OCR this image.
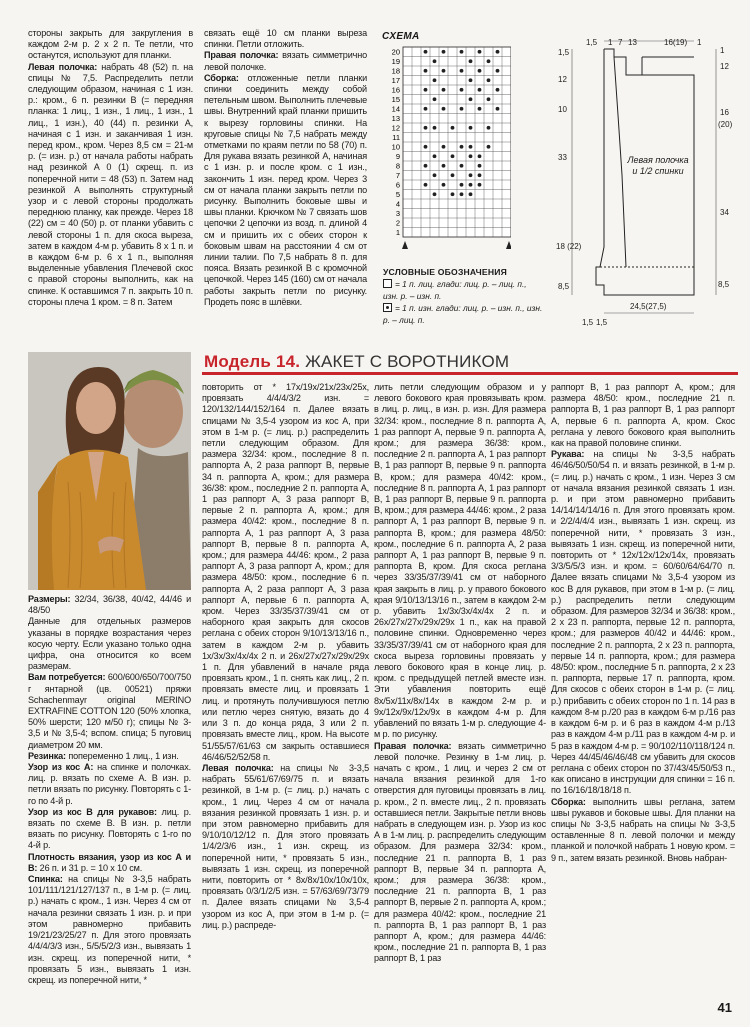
стороны закрыть для закругления в каждом 2-м р. 2 х 2 п. Те петли, что останутся, используют для планки.

Левая полочка: набрать 48 (52) п. на спицы № 7,5. Распределить петли следующим образом, начиная с 1 изн. р.: кром., 6 п. резинки В (= передняя планка: 1 лиц., 1 изн., 1 лиц., 1 изн., 1 лиц., 1 изн.), 40 (44) п. резинки А, начиная с 1 изн. и заканчивая 1 изн. перед кром., кром. Через 8,5 см = 21-м р. (= изн. р.) от начала работы набрать над резинкой А 0 (1) скрещ. п. из поперечной нити = 48 (53) п. Затем над резинкой А выполнять структурный узор и с левой стороны продолжать переднюю планку, как прежде. Через 18 (22) см = 40 (50) р. от планки убавить с левой стороны 1 п. для скоса выреза, затем в каждом 4-м р. убавить 8 х 1 п. и в каждом 6-м р. 6 х 1 п., выполняя выделенные убавления Плечевой скос с правой стороны выполнить, как на спинке. К оставшимся 7 п. закрыть 10 п. стороны плеча 1 кром. = 8 п. Затем

связать ещё 10 см планки выреза спинки. Петли отложить.

Правая полочка: вязать симметрично левой полочке.

Сборка: отложенные петли планки спинки соединить между собой петельным швом. Выполнить плечевые швы. Внутренний край планки пришить к вырезу горловины спинки. На круговые спицы № 7,5 набрать между отметками по краям петли по 58 (70) п. Для рукава вязать резинкой А, начиная с 1 изн. р. и после кром. с 1 изн., закончить 1 изн. перед кром. Через 3 см от начала планки закрыть петли по рисунку. Выполнить боковые швы и швы планки. Крючком № 7 связать шов цепочки 2 цепочки из возд. п. длиной 4 см и пришить их с обеих сторон к боковым швам на расстоянии 4 см от линии талии. По 7,5 набрать 8 п. для пояса. Вязать резинкой В с кромочной цепочкой. Через 145 (160) см от начала работы закрыть петли по рисунку. Продеть пояс в шлёвки.

СХЕМА
20
19
18
17
16
15
14
13
12
11
10
9
8
7
6
5
4
3
2
1
УСЛОВНЫЕ ОБОЗНАЧЕНИЯ
= 1 п. лиц. глади: лиц. р. – лиц. п., изн. р. – изн. п.
= 1 п. изн. глади: лиц. р. – изн. п., изн. р. – лиц. п.
1,5 1 7 13	16(19) 1
1,5
12
10
33
18 (22)
8,5
16
(20)
34
8,5
12
1
1,5 1,5
24,5(27,5)
Левая полочка и 1/2 спинки
Модель 14. ЖАКЕТ С ВОРОТНИКОМ

Размеры: 32/34, 36/38, 40/42, 44/46 и 48/50

Данные для отдельных размеров указаны в порядке возрастания через косую черту. Если указано только одна цифра, она относится ко всем размерам.

Вам потребуется: 600/600/650/700/750 г янтарной (цв. 00521) пряжи Schachenmayr original MERINO EXTRAFINE COTTON 120 (50% хлопка, 50% шерсти; 120 м/50 г); спицы № 3-3,5 и № 3,5-4; вспом. спица; 5 пуговиц диаметром 20 мм.

Резинка: попеременно 1 лиц., 1 изн.

Узор из кос А: на спинке и полочках. лиц. р. вязать по схеме А. В изн. р. петли вязать по рисунку. Повторять с 1-го по 4-й р.

Узор из кос В для рукавов: лиц. р. вязать по схеме В. В изн. р. петли вязать по рисунку. Повторять с 1-го по 4-й р.

Плотность вязания, узор из кос А и В: 26 п. и 31 р. = 10 х 10 см.

Спинка: на спицы № 3-3,5 набрать 101/111/121/127/137 п., в 1-м р. (= лиц. р.) начать с кром., 1 изн. Через 4 см от начала резинки связать 1 изн. р. и при этом равномерно прибавить 19/21/23/25/27 п. Для этого провязать 4/4/4/3/3 изн., 5/5/5/2/3 изн., вывязать 1 изн. скрещ. из поперечной нити, * провязать 5 изн., вывязать 1 изн. скрещ. из поперечной нити, *

повторить от * 17х/19х/21х/23х/25х, провязать 4/4/4/3/2 изн. = 120/132/144/152/164 п. Далее вязать спицами № 3,5-4 узором из кос А, при этом в 1-м р. (= лиц. р.) распределить петли следующим образом. Для размера 32/34: кром., последние 8 п. раппорта А, 2 раза раппорт В, первые 34 п. раппорта А, кром.; для размера 36/38: кром., последние 2 п. раппорта А, 1 раз раппорт А, 3 раза раппорт В, первые 2 п. раппорта А, кром.; для размера 40/42: кром., последние 8 п. раппорта А, 1 раз раппорт А, 3 раза раппорт В, первые 8 п. раппорта А, кром.; для размера 44/46: кром., 2 раза раппорт А, 3 раза раппорт А, кром.; для размера 48/50: кром., последние 6 п. раппорта А, 2 раза раппорт А, 3 раза раппорт А, первые 6 п. раппорта А, кром. Через 33/35/37/39/41 см от наборного края закрыть для скосов реглана с обеих сторон 9/10/13/13/16 п., затем в каждом 2-м р. убавить 1х/3х/3х/4х/4х 2 п. и 26х/27х/27х/29х/29х 1 п. Для убавлений в начале ряда провязать кром., 1 п. снять как лиц., 2 п. провязать вместе лиц. и провязать 1 лиц. и протянуть получившуюся петлю или петлю через снятую, вязать до 4 или 3 п. до конца ряда, 3 или 2 п. провязать вместе лиц., кром. На высоте 51/55/57/61/63 см закрыть оставшиеся 46/46/52/52/58 п.

Левая полочка: на спицы № 3-3,5 набрать 55/61/67/69/75 п. и вязать резинкой, в 1-м р. (= лиц. р.) начать с кром., 1 лиц. Через 4 см от начала вязания резинкой провязать 1 изн. р. и при этом равномерно прибавить для 9/10/10/12/12 п. Для этого провязать 1/4/2/3/6 изн., 1 изн. скрещ. из поперечной нити, * провязать 5 изн., вывязать 1 изн. скрещ. из поперечной нити, повторить от * 8х/8х/10х/10х/10х, провязать 0/3/1/2/5 изн. = 57/63/69/73/79 п. Далее вязать спицами № 3,5-4 узором из кос А, при этом в 1-м р. (= лиц. р.) распреде-

лить петли следующим образом и у левого бокового края провязывать кром. в лиц. р. лиц., в изн. р. изн. Для размера 32/34: кром., последние 8 п. раппорта А, 1 раз раппорт А, первые 9 п. раппорта А, кром.; для размера 36/38: кром., последние 2 п. раппорта А, 1 раз раппорт В, 1 раз раппорт В, первые 9 п. раппорта В, кром.; для размера 40/42: кром., последние 8 п. раппорта А, 1 раз раппорт В, 1 раз раппорт В, первые 9 п. раппорта В, кром.; для размера 44/46: кром., 2 раза раппорт А, 1 раз раппорт В, первые 9 п. раппорта В, кром.; для размера 48/50: кром., последние 6 п. раппорта А, 2 раза раппорт А, 1 раз раппорт В, первые 9 п. раппорта В, кром. Для скоса реглана через 33/35/37/39/41 см от наборного края закрыть в лиц. р. у правого бокового края 9/10/13/13/16 п., затем в каждом 2-м р. убавить 1х/3х/3х/4х/4х 2 п. и 26х/27х/27х/29х/29х 1 п., как на правой половине спинки. Одновременно через 33/35/37/39/41 см от наборного края для скоса выреза горловины провязать у левого бокового края в конце лиц. р. кром. с предыдущей петлей вместе изн. Эти убавления повторить ещё 8х/5х/11х/8х/14х в каждом 2-м р. и 9х/12х/9х/12х/9х в каждом 4-м р. Для убавлений по вязать 1-м р. следующие 4-м р. по рисунку.

Правая полочка: вязать симметрично левой полочке. Резинку в 1-м лиц. р. начать с кром., 1 лиц. и через 2 см от начала вязания резинкой для 1-го отверстия для пуговицы провязать в лиц. р. кром., 2 п. вместе лиц., 2 п. провязать оставшиеся петли. Закрытые петли вновь набрать в следующем изн. р. Узор из кос А в 1-м лиц. р. распределить следующим образом. Для размера 32/34: кром., последние 21 п. раппорта В, 1 раз раппорт В, первые 34 п. раппорта А, кром.; для размера 36/38: кром., последние 21 п. раппорта В, 1 раз раппорт В, первые 2 п. раппорта А, кром.; для размера 40/42: кром., последние 21 п. раппорта В, 1 раз раппорт В, 1 раз раппорт А, кром.; для размера 44/46: кром., последние 21 п. раппорта В, 1 раз раппорт В, 1 раз

раппорт В, 1 раз раппорт А, кром.; для размера 48/50: кром., последние 21 п. раппорта В, 1 раз раппорт В, 1 раз раппорт А, первые 6 п. раппорта А, кром. Скос реглана у левого бокового края выполнить как на правой половине спинки.

Рукава: на спицы № 3-3,5 набрать 46/46/50/50/54 п. и вязать резинкой, в 1-м р. (= лиц. р.) начать с кром., 1 изн. Через 3 см от начала вязания резинкой связать 1 изн. р. и при этом равномерно прибавить 14/14/14/14/16 п. Для этого провязать кром. и 2/2/4/4/4 изн., вывязать 1 изн. скрещ. из поперечной нити, * провязать 3 изн., вывязать 1 изн. скрещ. из поперечной нити, повторить от * 12х/12х/12х/14х, провязать 3/3/5/5/3 изн. и кром. = 60/60/64/64/70 п. Далее вязать спицами № 3,5-4 узором из кос В для рукавов, при этом в 1-м р. (= лиц. р.) распределить петли следующим образом. Для размеров 32/34 и 36/38: кром., 2 х 23 п. раппорта, первые 12 п. раппорта, кром.; для размеров 40/42 и 44/46: кром., последние 2 п. раппорта, 2 х 23 п. раппорта, первые 14 п. раппорта, кром.; для размера 48/50: кром., последние 5 п. раппорта, 2 х 23 п. раппорта, первые 17 п. раппорта, кром. Для скосов с обеих сторон в 1-м р. (= лиц. р.) прибавить с обеих сторон по 1 п. 14 раз в каждом 8-м р./20 раз в каждом 6-м р./16 раз в каждом 6-м р. и 6 раз в каждом 4-м р./13 раз в каждом 4-м р./11 раз в каждом 4-м р. и 5 раз в каждом 4-м р. = 90/102/110/118/124 п. Через 44/45/46/46/48 см убавить для скосов реглана с обеих сторон по 37/43/45/50/53 п., как описано в инструкции для спинки = 16 п. по 16/16/18/18/18 п.

Сборка: выполнить швы реглана, затем швы рукавов и боковые швы. Для планки на спицы № 3-3,5 набрать на спицы № 3-3,5 оставленные 8 п. левой полочки и между планкой и полочкой набрать 1 новую кром. = 9 п., затем вязать резинкой. Вновь набран-

41
